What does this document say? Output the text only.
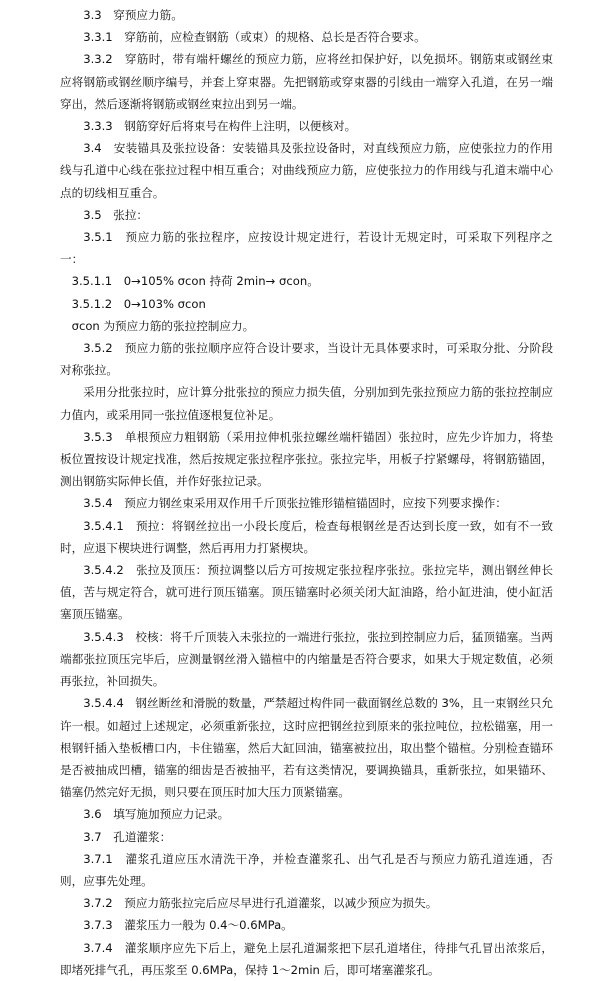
3.3　穿预应力筋。

3.3.1　穿筋前，应检查钢筋（或束）的规格、总长是否符合要求。

3.3.2　穿筋时，带有端杆螺丝的预应力筋，应将丝扣保护好，以免损坏。钢筋束或钢丝束应将钢筋或钢丝顺序编号，并套上穿束器。先把钢筋或穿束器的引线由一端穿入孔道，在另一端穿出，然后逐渐将钢筋或钢丝束拉出到另一端。

3.3.3　钢筋穿好后将束号在构件上注明，以便核对。

3.4　安装锚具及张拉设备：安装锚具及张拉设备时，对直线预应力筋，应使张拉力的作用线与孔道中心线在张拉过程中相互重合；对曲线预应力筋，应使张拉力的作用线与孔道末端中心点的切线相互重合。

3.5　张拉：

3.5.1　预应力筋的张拉程序，应按设计规定进行，若设计无规定时，可采取下列程序之一：

3.5.1.1　0→105% σcon 持荷 2min→ σcon。

3.5.1.2　0→103% σcon

σcon 为预应力筋的张拉控制应力。

3.5.2　预应力筋的张拉顺序应符合设计要求，当设计无具体要求时，可采取分批、分阶段对称张拉。

采用分批张拉时，应计算分批张拉的预应力损失值，分别加到先张拉预应力筋的张拉控制应力值内，或采用同一张拉值逐根复位补足。

3.5.3　单根预应力粗钢筋（采用拉伸机张拉螺丝端杆锚固）张拉时，应先少许加力，将垫板位置按设计规定找准，然后按规定张拉程序张拉。张拉完毕，用板子拧紧螺母，将钢筋锚固，测出钢筋实际伸长值，并作好张拉记录。

3.5.4　预应力钢丝束采用双作用千斤顶张拉锥形锚楦锚固时，应按下列要求操作：

3.5.4.1　预拉：将钢丝拉出一小段长度后，检查每根钢丝是否达到长度一致，如有不一致时，应退下楔块进行调整，然后再用力打紧楔块。

3.5.4.2　张拉及顶压：预拉调整以后方可按规定张拉程序张拉。张拉完毕，测出钢丝伸长值，苦与规定符合，就可进行顶压锚塞。顶压锚塞时必须关闭大缸油路，给小缸进油，使小缸活塞顶压锚塞。

3.5.4.3　校核：将千斤顶装入未张拉的一端进行张拉，张拉到控制应力后，猛顶锚塞。当两端都张拉顶压完毕后，应测量钢丝滑入锚楦中的内缩量是否符合要求，如果大于规定数值，必须再张拉，补回损失。

3.5.4.4　钢丝断丝和滑脱的数量，严禁超过构件同一截面钢丝总数的 3%，且一束钢丝只允许一根。如超过上述规定，必须重新张拉，这时应把钢丝拉到原来的张拉吨位，拉松锚塞，用一根钢钎插入垫板槽口内，卡住锚塞，然后大缸回油，锚塞被拉出，取出整个锚楦。分别检查锚环是否被抽成凹槽，锚塞的细齿是否被抽平，若有这类情况，要调换锚具，重新张拉，如果锚环、锚塞仍然完好无损，则只要在顶压时加大压力顶紧锚塞。

3.6　填写施加预应力记录。

3.7　孔道灌浆：

3.7.1　灌浆孔道应压水清洗干净，并检查灌浆孔、出气孔是否与预应力筋孔道连通，否则，应事先处理。

3.7.2　预应力筋张拉完后应尽早进行孔道灌浆，以减少预应为损失。

3.7.3　灌浆压力一般为 0.4～0.6MPa。

3.7.4　灌浆顺序应先下后上，避免上层孔道漏浆把下层孔道堵住，待排气孔冒出浓浆后，即堵死排气孔，再压浆至 0.6MPa，保持 1～2min 后，即可堵塞灌浆孔。
